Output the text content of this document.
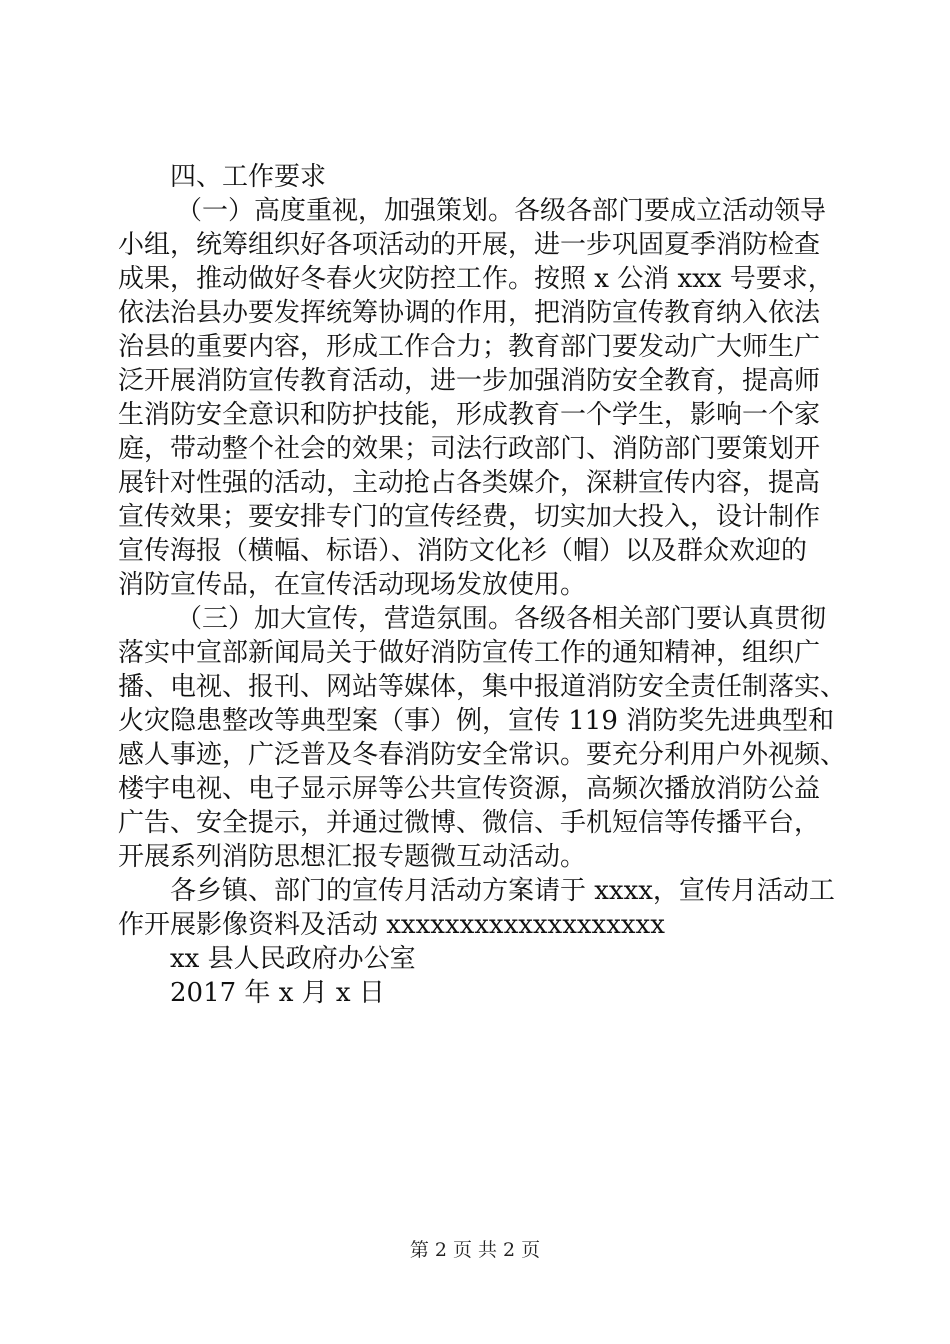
四、工作要求
（一）高度重视，加强策划。各级各部门要成立活动领导
小组，统筹组织好各项活动的开展，进一步巩固夏季消防检查
成果，推动做好冬春火灾防控工作。按照 x 公消 xxx 号要求，
依法治县办要发挥统筹协调的作用，把消防宣传教育纳入依法
治县的重要内容，形成工作合力；教育部门要发动广大师生广
泛开展消防宣传教育活动，进一步加强消防安全教育，提高师
生消防安全意识和防护技能，形成教育一个学生，影响一个家
庭，带动整个社会的效果；司法行政部门、消防部门要策划开
展针对性强的活动，主动抢占各类媒介，深耕宣传内容，提高
宣传效果；要安排专门的宣传经费，切实加大投入，设计制作
宣传海报（横幅、标语）、消防文化衫（帽）以及群众欢迎的
消防宣传品，在宣传活动现场发放使用。
（三）加大宣传，营造氛围。各级各相关部门要认真贯彻
落实中宣部新闻局关于做好消防宣传工作的通知精神，组织广
播、电视、报刊、网站等媒体，集中报道消防安全责任制落实、
火灾隐患整改等典型案（事）例，宣传 119 消防奖先进典型和
感人事迹，广泛普及冬春消防安全常识。要充分利用户外视频、
楼宇电视、电子显示屏等公共宣传资源，高频次播放消防公益
广告、安全提示，并通过微博、微信、手机短信等传播平台，
开展系列消防思想汇报专题微互动活动。
各乡镇、部门的宣传月活动方案请于 xxxx，宣传月活动工
作开展影像资料及活动 xxxxxxxxxxxxxxxxxxx
xx 县人民政府办公室
2017 年 x 月 x 日
第 2 页 共 2 页
